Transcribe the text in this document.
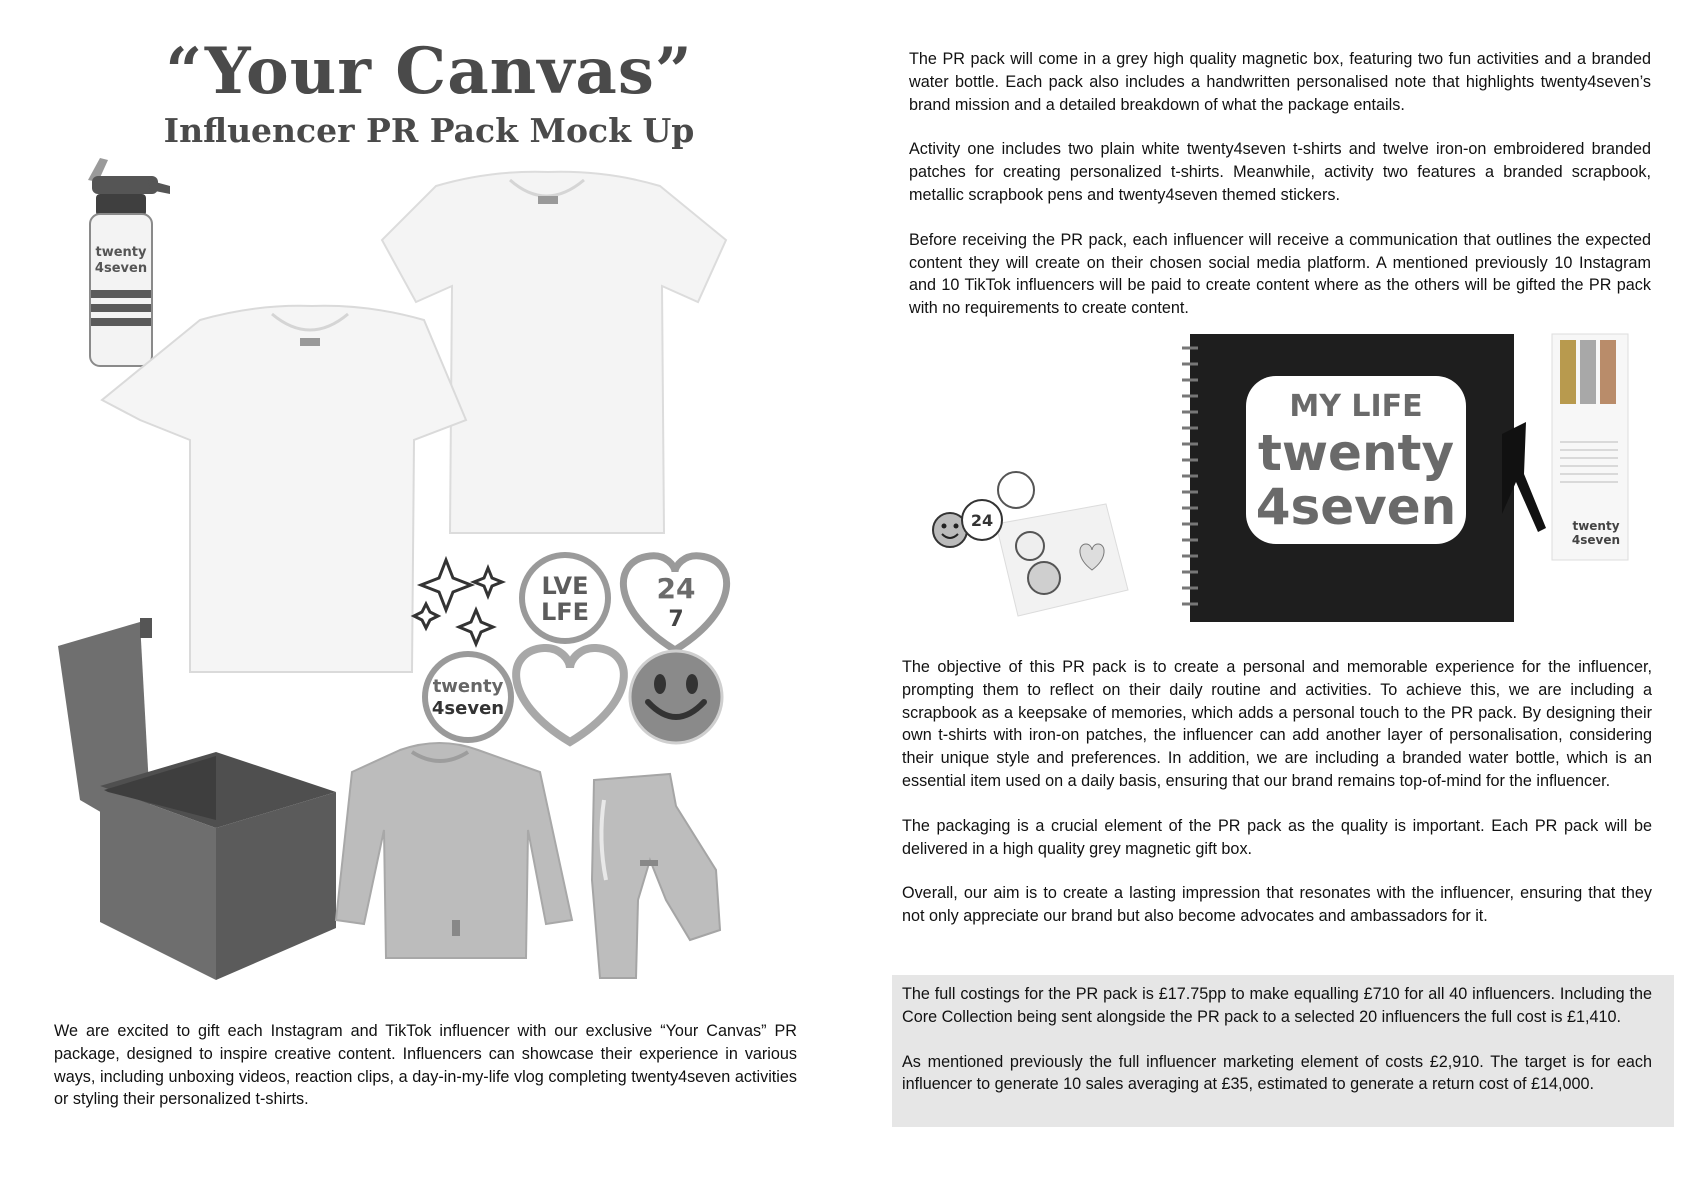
“Your Canvas”
Influencer PR Pack Mock Up
twenty
4seven
LVE
LFE
24
7
twenty
4seven

We are excited to gift each Instagram and TikTok influencer with our exclusive “Your Canvas” PR package, designed to inspire creative content. Influencers can showcase their experience in various ways, including unboxing videos, reaction clips, a day-in-my-life vlog completing twenty4seven activities or styling their personalized t-shirts.

The PR pack will come in a grey high quality magnetic box, featuring two fun activities and a branded water bottle. Each pack also includes a handwritten personalised note that highlights twenty4seven’s brand mission and a detailed breakdown of what the package entails.

Activity one includes two plain white twenty4seven t-shirts and twelve iron-on embroidered branded patches for creating personalized t-shirts. Meanwhile, activity two features a branded scrapbook, metallic scrapbook pens and twenty4seven themed stickers.

Before receiving the PR pack, each influencer will receive a communication that outlines the expected content they will create on their chosen social media platform. A mentioned previously 10 Instagram and 10 TikTok influencers will be paid to create content where as the others will be gifted the PR pack with no requirements to create content.

24
MY LIFE
twenty
4seven	twenty
4seven

The objective of this PR pack is to create a personal and memorable experience for the influencer, prompting them to reflect on their daily routine and activities. To achieve this, we are including a scrapbook as a keepsake of memories, which adds a personal touch to the PR pack. By designing their own t-shirts with iron-on patches, the influencer can add another layer of personalisation, considering their unique style and preferences. In addition, we are including a branded water bottle, which is an essential item used on a daily basis, ensuring that our brand remains top-of-mind for the influencer.

The packaging is a crucial element of the PR pack as the quality is important. Each PR pack will be delivered in a high quality grey magnetic gift box.

Overall, our aim is to create a lasting impression that resonates with the influencer, ensuring that they not only appreciate our brand but also become advocates and ambassadors for it.

The full costings for the PR pack is £17.75pp to make equalling £710 for all 40 influencers. Including the Core Collection being sent alongside the PR pack to a selected 20 influencers the full cost is £1,410.

As mentioned previously the full influencer marketing element of costs £2,910. The target is for each influencer to generate 10 sales averaging at £35, estimated to generate a return cost of £14,000.
